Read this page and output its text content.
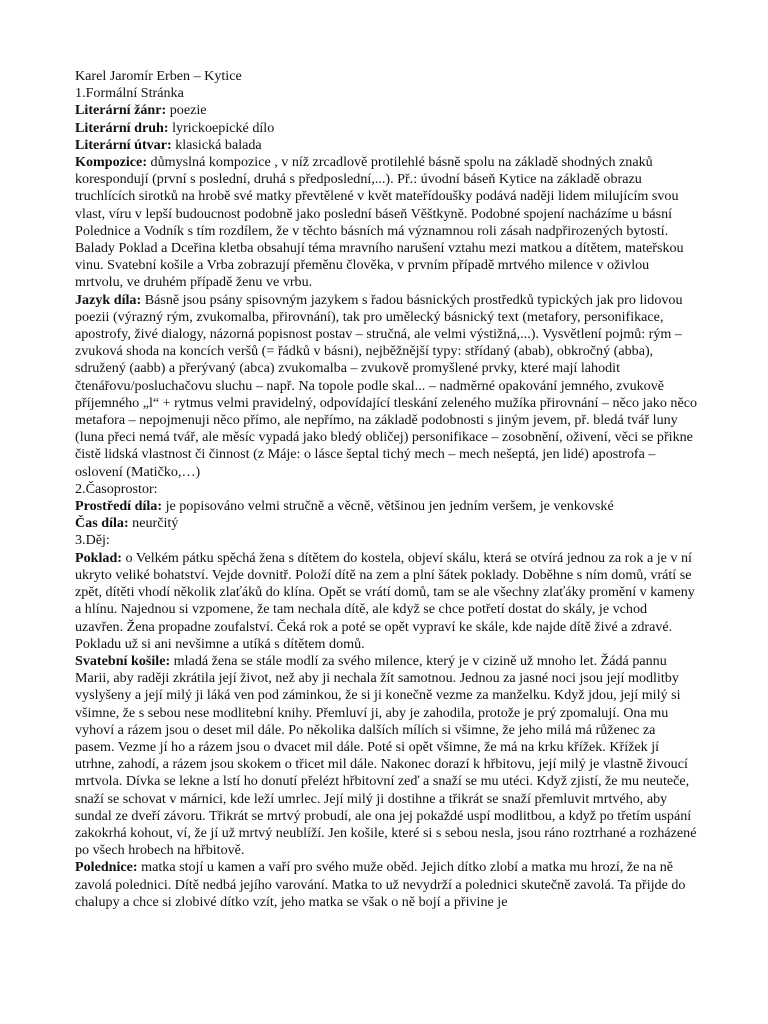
Karel Jaromír Erben – Kytice

1.Formální Stránka

Literární žánr: poezie

Literární druh: lyrickoepické dílo

Literární útvar: klasická balada

Kompozice: důmyslná kompozice , v níž zrcadlově protilehlé básně spolu na základě shodných znaků korespondují (první s poslední, druhá s předposlední,...). Př.: úvodní báseň Kytice na základě obrazu truchlících sirotků na hrobě své matky převtělené v květ mateřídoušky podává naději lidem milujícím svou vlast, víru v lepší budoucnost podobně jako poslední báseň Věštkyně. Podobné spojení nacházíme u básní Polednice a Vodník s tím rozdílem, že v těchto básních má významnou roli zásah nadpřirozených bytostí. Balady Poklad a Dceřina kletba obsahují téma mravního narušení vztahu mezi matkou a dítětem, mateřskou vinu. Svatební košile a Vrba zobrazují přeměnu člověka, v prvním případě mrtvého milence v oživlou mrtvolu, ve druhém případě ženu ve vrbu.

Jazyk díla: Básně jsou psány spisovným jazykem s řadou básnických prostředků typických jak pro lidovou poezii (výrazný rým, zvukomalba, přirovnání), tak pro umělecký básnický text (metafory, personifikace, apostrofy, živé dialogy, názorná popisnost postav – stručná, ale velmi výstižná,...). Vysvětlení pojmů: rým – zvuková shoda na koncích veršů (= řádků v básni), nejběžnější typy: střídaný (abab), obkročný (abba), sdružený (aabb) a přerývaný (abca) zvukomalba – zvukově promyšlené prvky, které mají lahodit čtenářovu/posluchačovu sluchu – např. Na topole podle skal... – nadměrné opakování jemného, zvukově příjemného „l“ + rytmus velmi pravidelný, odpovídající tleskání zeleného mužíka přirovnání – něco jako něco metafora – nepojmenuji něco přímo, ale nepřímo, na základě podobnosti s jiným jevem, př. bledá tvář luny (luna přeci nemá tvář, ale měsíc vypadá jako bledý obličej) personifikace – zosobnění, oživení, věci se přikne čistě lidská vlastnost či činnost (z Máje: o lásce šeptal tichý mech – mech nešeptá, jen lidé) apostrofa – oslovení (Matičko,…)

2.Časoprostor:

Prostředí díla: je popisováno velmi stručně a věcně, většinou jen jedním veršem, je venkovské

Čas díla: neurčitý

3.Děj:

Poklad: o Velkém pátku spěchá žena s dítětem do kostela, objeví skálu, která se otvírá jednou za rok a je v ní ukryto veliké bohatství. Vejde dovnitř. Položí dítě na zem a plní šátek poklady. Doběhne s ním domů, vrátí se zpět, dítěti vhodí několik zlaťáků do klína. Opět se vrátí domů, tam se ale všechny zlaťáky promění v kameny a hlínu. Najednou si vzpomene, že tam nechala dítě, ale když se chce potřetí dostat do skály, je vchod uzavřen. Žena propadne zoufalství. Čeká rok a poté se opět vypraví ke skále, kde najde dítě živé a zdravé. Pokladu už si ani nevšimne a utíká s dítětem domů.

Svatební košile: mladá žena se stále modlí za svého milence, který je v cizině už mnoho let. Žádá pannu Marii, aby raději zkrátila její život, než aby ji nechala žít samotnou. Jednou za jasné noci jsou její modlitby vyslyšeny a její milý ji láká ven pod záminkou, že si ji konečně vezme za manželku. Když jdou, její milý si všimne, že s sebou nese modlitební knihy. Přemluví ji, aby je zahodila, protože je prý zpomalují. Ona mu vyhoví a rázem jsou o deset mil dále. Po několika dalších mílích si všimne, že jeho milá má růženec za pasem. Vezme jí ho a rázem jsou o dvacet mil dále. Poté si opět všimne, že má na krku křížek. Křížek jí utrhne, zahodí, a rázem jsou skokem o třicet mil dále. Nakonec dorazí k hřbitovu, její milý je vlastně živoucí mrtvola. Dívka se lekne a lstí ho donutí přelézt hřbitovní zeď a snaží se mu utéci. Když zjistí, že mu neuteče, snaží se schovat v márnici, kde leží umrlec. Její milý ji dostihne a třikrát se snaží přemluvit mrtvého, aby sundal ze dveří závoru. Třikrát se mrtvý probudí, ale ona jej pokaždé uspí modlitbou, a když po třetím uspání zakokrhá kohout, ví, že jí už mrtvý neublíží. Jen košile, které si s sebou nesla, jsou ráno roztrhané a rozházené po všech hrobech na hřbitově.

Polednice: matka stojí u kamen a vaří pro svého muže oběd. Jejich dítko zlobí a matka mu hrozí, že na ně zavolá polednici. Dítě nedbá jejího varování. Matka to už nevydrží a polednici skutečně zavolá. Ta přijde do chalupy a chce si zlobivé dítko vzít, jeho matka se však o ně bojí a přivine je
